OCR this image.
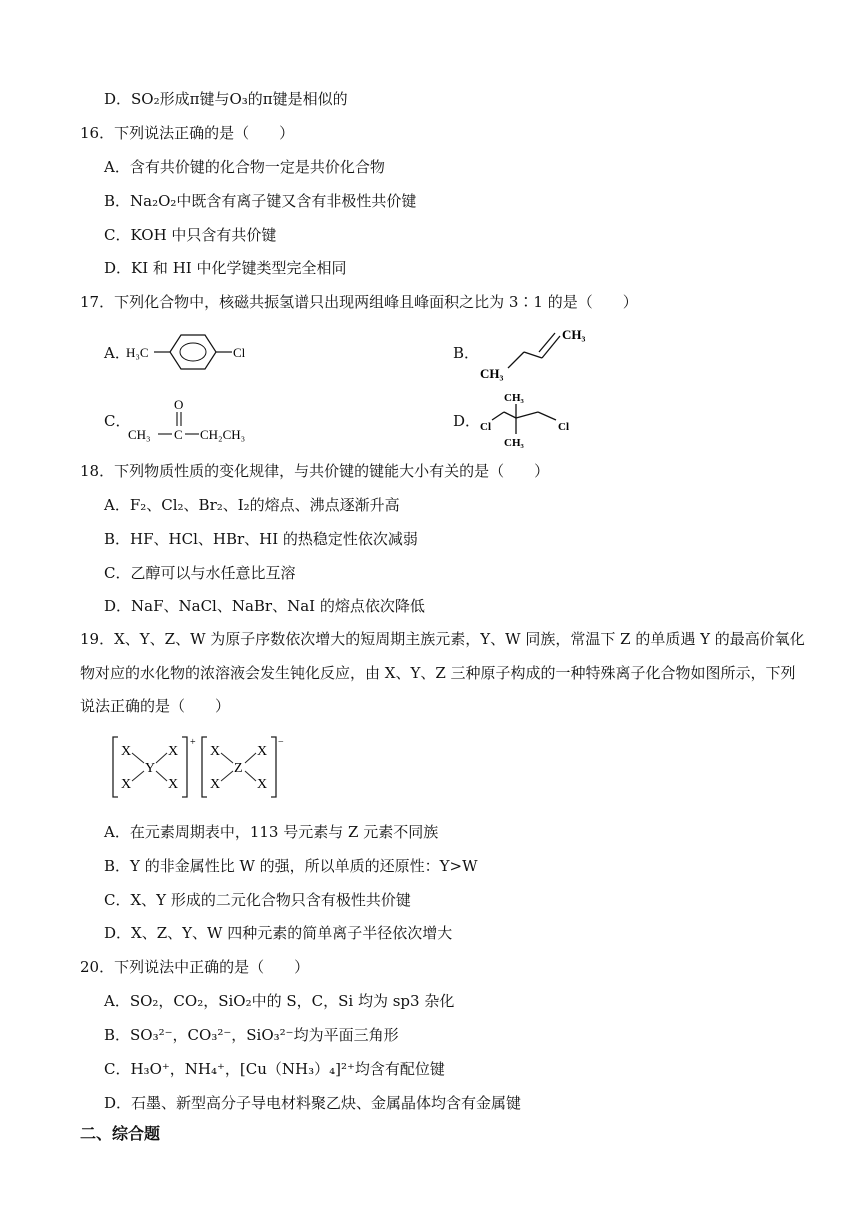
D．SO₂形成π键与O₃的π键是相似的
16．下列说法正确的是（　　）
A．含有共价键的化合物一定是共价化合物
B．Na₂O₂中既含有离子键又含有非极性共价键
C．KOH 中只含有共价键
D．KI 和 HI 中化学键类型完全相同
17．下列化合物中，核磁共振氢谱只出现两组峰且峰面积之比为 3∶1 的是（　　）
A．
H₃C	Cl	B．
CH₃
CH₃
C．
O
CH₃ C CH₂CH₃
D．
CH₃
CH₃
Cl	Cl
18．下列物质性质的变化规律，与共价键的键能大小有关的是（　　）
A．F₂、Cl₂、Br₂、I₂的熔点、沸点逐渐升高
B．HF、HCl、HBr、HI 的热稳定性依次减弱
C．乙醇可以与水任意比互溶
D．NaF、NaCl、NaBr、NaI 的熔点依次降低
19．X、Y、Z、W 为原子序数依次增大的短周期主族元素，Y、W 同族，常温下 Z 的单质遇 Y 的最高价氧化物对应的水化物的浓溶液会发生钝化反应，由 X、Y、Z 三种原子构成的一种特殊离子化合物如图所示，下列说法正确的是（　　）
+
X
X
X
X
Y
−
X
X
X
X
Z
A．在元素周期表中，113 号元素与 Z 元素不同族
B．Y 的非金属性比 W 的强，所以单质的还原性：Y>W
C．X、Y 形成的二元化合物只含有极性共价键
D．X、Z、Y、W 四种元素的简单离子半径依次增大
20．下列说法中正确的是（　　）
A．SO₂，CO₂，SiO₂中的 S，C，Si 均为 sp3 杂化
B．SO₃²⁻，CO₃²⁻，SiO₃²⁻均为平面三角形
C．H₃O⁺，NH₄⁺，[Cu（NH₃）₄]²⁺均含有配位键
D．石墨、新型高分子导电材料聚乙炔、金属晶体均含有金属键
二、综合题
